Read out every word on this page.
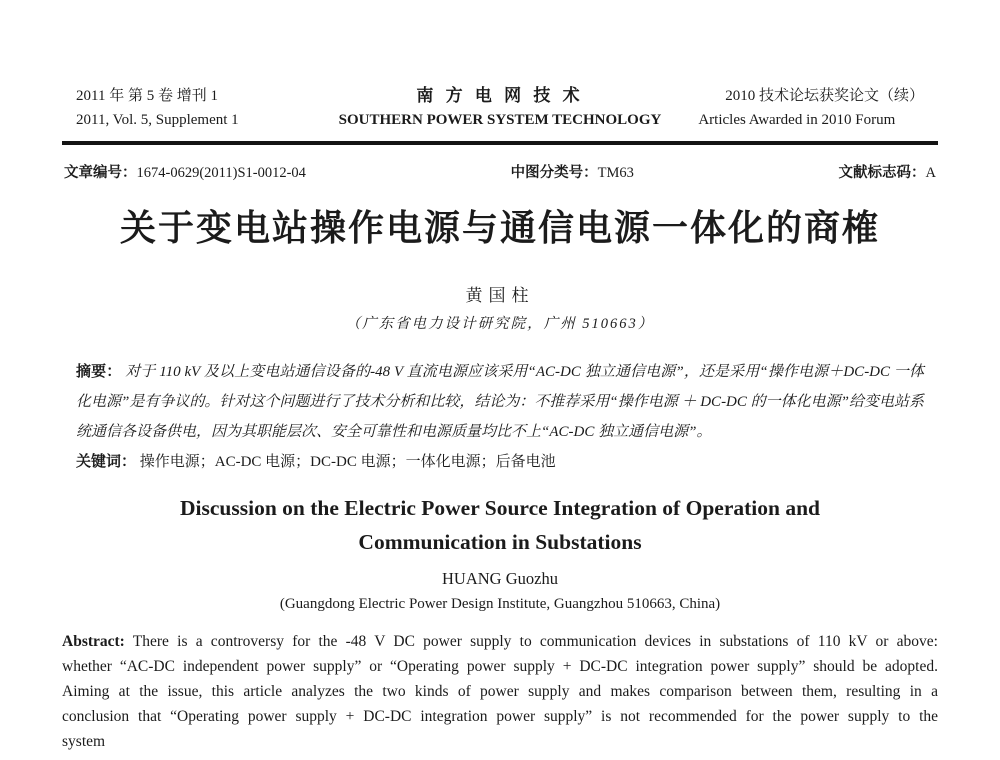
2011 年 第 5 卷 增刊 1
2011, Vol. 5, Supplement 1
南 方 电 网 技 术
SOUTHERN POWER SYSTEM TECHNOLOGY
2010 技术论坛获奖论文（续）
Articles Awarded in 2010 Forum
文章编号：1674-0629(2011)S1-0012-04	中图分类号：TM63	文献标志码：A
关于变电站操作电源与通信电源一体化的商榷
黄国柱
（广东省电力设计研究院，广州 510663）
摘要： 对于 110 kV 及以上变电站通信设备的-48 V 直流电源应该采用“AC-DC 独立通信电源”，还是采用“操作电源＋DC-DC 一体化电源”是有争议的。针对这个问题进行了技术分析和比较，结论为：不推荐采用“操作电源 ＋ DC-DC 的一体化电源”给变电站系统通信各设备供电，因为其职能层次、安全可靠性和电源质量均比不上“AC-DC 独立通信电源”。
关键词： 操作电源；AC-DC 电源；DC-DC 电源；一体化电源；后备电池
Discussion on the Electric Power Source Integration of Operation and
Communication in Substations
HUANG Guozhu
(Guangdong Electric Power Design Institute, Guangzhou 510663, China)
Abstract: There is a controversy for the -48 V DC power supply to communication devices in substations of 110 kV or above: whether “AC-DC independent power supply” or “Operating power supply + DC-DC integration power supply” should be adopted. Aiming at the issue, this article analyzes the two kinds of power supply and makes comparison between them, resulting in a conclusion that “Operating power supply + DC-DC integration power supply” is not recommended for the power supply to the system
